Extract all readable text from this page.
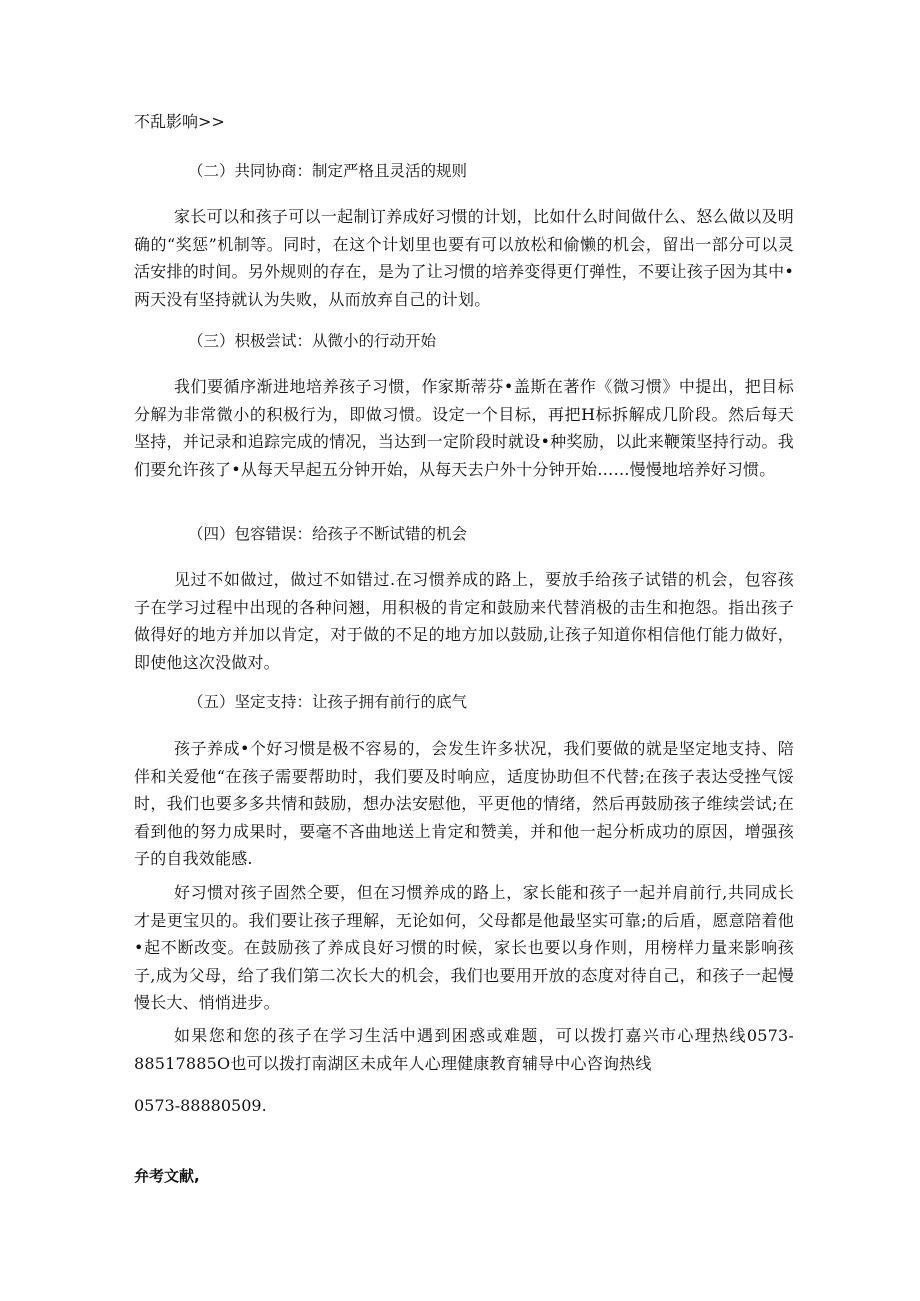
不乱影响>>
（二）共同协商：制定严格且灵活的规则
家长可以和孩子可以一起制订养成好习惯的计划，比如什么时间做什么、怒么做以及明确的“奖惩”机制等。同时，在这个计划里也要有可以放松和偷懒的机会，留出一部分可以灵活安排的时间。另外规则的存在，是为了让习惯的培养变得更仃弹性，不要让孩子因为其中•两天没有坚持就认为失败，从而放弃自己的计划。
（三）枳极尝试：从微小的行动开始
我们要循序渐进地培养孩子习惯，作家斯蒂芬•盖斯在著作《微习惯》中提出，把目标分解为非常微小的积极行为，即做习惯。设定一个目标，再把H标拆解成几阶段。然后每天坚持，并记录和追踪完成的情况，当达到一定阶段时就设•种奖励，以此来鞭策坚持行动。我们要允许孩了•从每天早起五分钟开始，从每天去户外十分钟开始……慢慢地培养好习惯。
（四）包容错误：给孩子不断试错的机会
见过不如做过，做过不如错过.在习惯养成的路上，要放手给孩子试错的机会，包容孩子在学习过程中出现的各种问翘，用积极的肯定和鼓励来代替消极的击生和抱怨。指出孩子做得好的地方并加以肯定，对于做的不足的地方加以鼓励,让孩子知道你相信他仃能力做好，即使他这次没做对。
（五）坚定支持：让孩子拥有前行的底气
孩子养成•个好习惯是极不容易的，会发生许多状况，我们要做的就是坚定地支持、陪伴和关爱他“在孩子需要帮助时，我们要及时响应，适度协助但不代替;在孩子表达受挫气馁时，我们也要多多共情和鼓励，想办法安慰他，平更他的情绪，然后再鼓励孩子维续尝试;在看到他的努力成果时，要毫不吝曲地送上肯定和赞美，并和他一起分析成功的原因，增强孩子的自我效能感.
好习惯对孩子固然仝要，但在习惯养成的路上，家长能和孩子一起并肩前行,共同成长才是更宝贝的。我们要让孩子理解，无论如何，父母都是他最坚实可靠;的后盾，愿意陪着他•起不断改变。在鼓励孩了养成良好习惯的时候，家长也要以身作则，用榜样力量来影响孩子,成为父母，给了我们第二次长大的机会，我们也要用开放的态度对待自己，和孩子一起慢慢长大、悄悄进步。
如果您和您的孩子在学习生活中遇到困惑或难题，可以拨打嘉兴市心理热线0573-88517885O也可以拨打南湖区未成年人心理健康教育辅导中心咨询热线
0573-88880509.
弁考文献,
